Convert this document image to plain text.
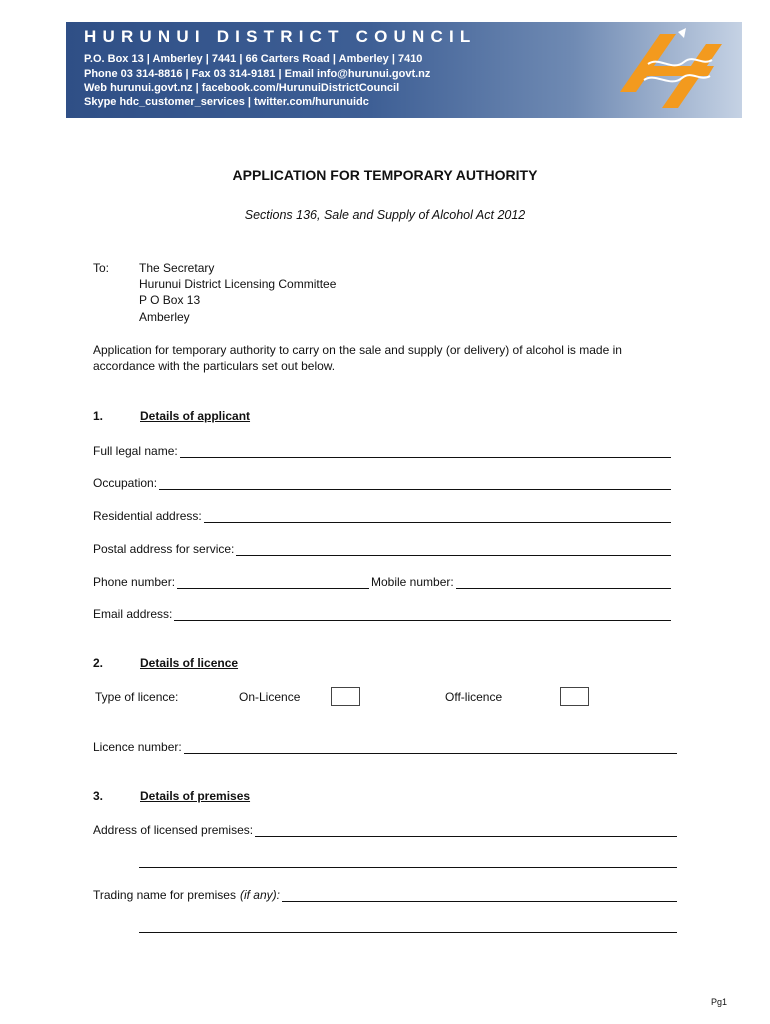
HURUNUI DISTRICT COUNCIL
P.O. Box 13 | Amberley | 7441 | 66 Carters Road | Amberley | 7410
Phone 03 314-8816 | Fax 03 314-9181 | Email info@hurunui.govt.nz
Web hurunui.govt.nz | facebook.com/HurunuiDistrictCouncil
Skype hdc_customer_services | twitter.com/hurunuidc
APPLICATION FOR TEMPORARY AUTHORITY
Sections 136, Sale and Supply of Alcohol Act 2012
To: The Secretary
Hurunui District Licensing Committee
P O Box 13
Amberley
Application for temporary authority to carry on the sale and supply (or delivery) of alcohol is made in
accordance with the particulars set out below.
1.	Details of applicant
Full legal name:
Occupation:
Residential address:
Postal address for service:
Phone number:	Mobile number:
Email address:
2.	Details of licence
Type of licence:	On-Licence	Off-licence
Licence number:
3.	Details of premises
Address of licensed premises:
Trading name for premises (if any):
Pg1
